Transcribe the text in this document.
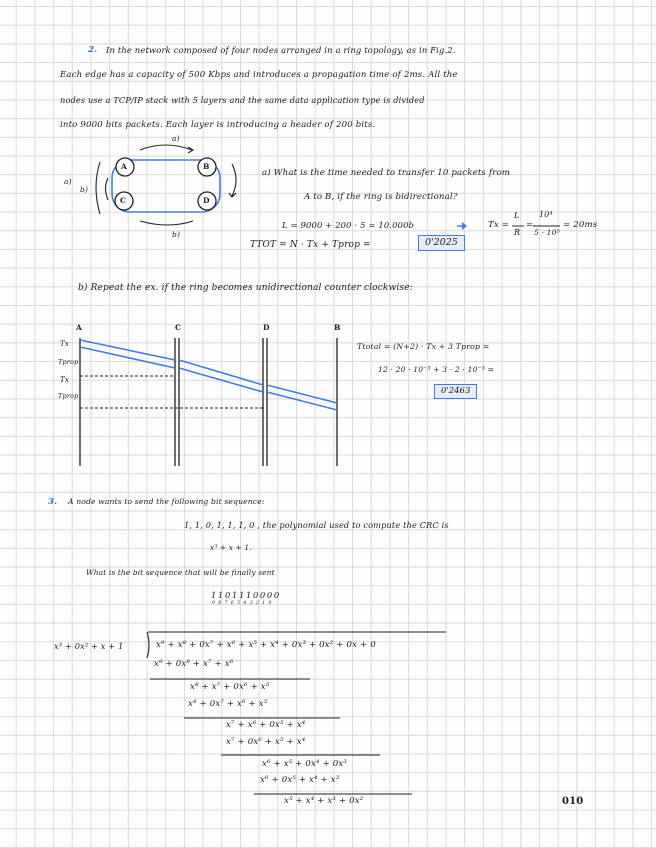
2. In the network composed of four nodes arranged in a ring topology, as in Fig.2.
Each edge has a capacity of 500 Kbps and introduces a propagation time of 2ms. All the
nodes use a TCP/IP stack with 5 layers and the same data application type is divided
into 9000 bits packets. Each layer is introducing a header of 200 bits.
A	B
C	D
a)
a)
b)
b)
a) What is the time needed to transfer 10 packets from
A to B, if the ring is bidirectional?
L = 9000 + 200 · 5 = 10.000b	Tx =
L
R
=
10⁴
5 · 10⁵
= 20ms
TTOT = N · Tx + Tprop =	0'2025
b) Repeat the ex. if the ring becomes unidirectional counter clockwise:
A	C	D	B
Tx
Tprop
Tx
Tprop
Ttotal = (N+2) · Tx + 3 Tprop =
12 · 20 · 10⁻³ + 3 · 2 · 10⁻³ =
0'2463
3. A node wants to send the following bit sequence:
1, 1, 0, 1, 1, 1, 0 , the polynomial used to compute the CRC is
x³ + x + 1.
What is the bit sequence that will be finally sent
1 1 0 1 1 1 0 0 0 0
9 8 7 6 5 4 3 2 1 0
x³ + 0x² + x + 1	x⁹ + x⁸ + 0x⁷ + x⁶ + x⁵ + x⁴ + 0x³ + 0x² + 0x + 0
x⁹ + 0x⁸ + x⁷ + x⁶
x⁸ + x⁷ + 0x⁶ + x⁵
x⁸ + 0x⁷ + x⁶ + x⁵
x⁷ + x⁶ + 0x⁵ + x⁴
x⁷ + 0x⁶ + x⁵ + x⁴
x⁶ + x⁵ + 0x⁴ + 0x³
x⁶ + 0x⁵ + x⁴ + x³
x⁵ + x⁴ + x³ + 0x²	010
